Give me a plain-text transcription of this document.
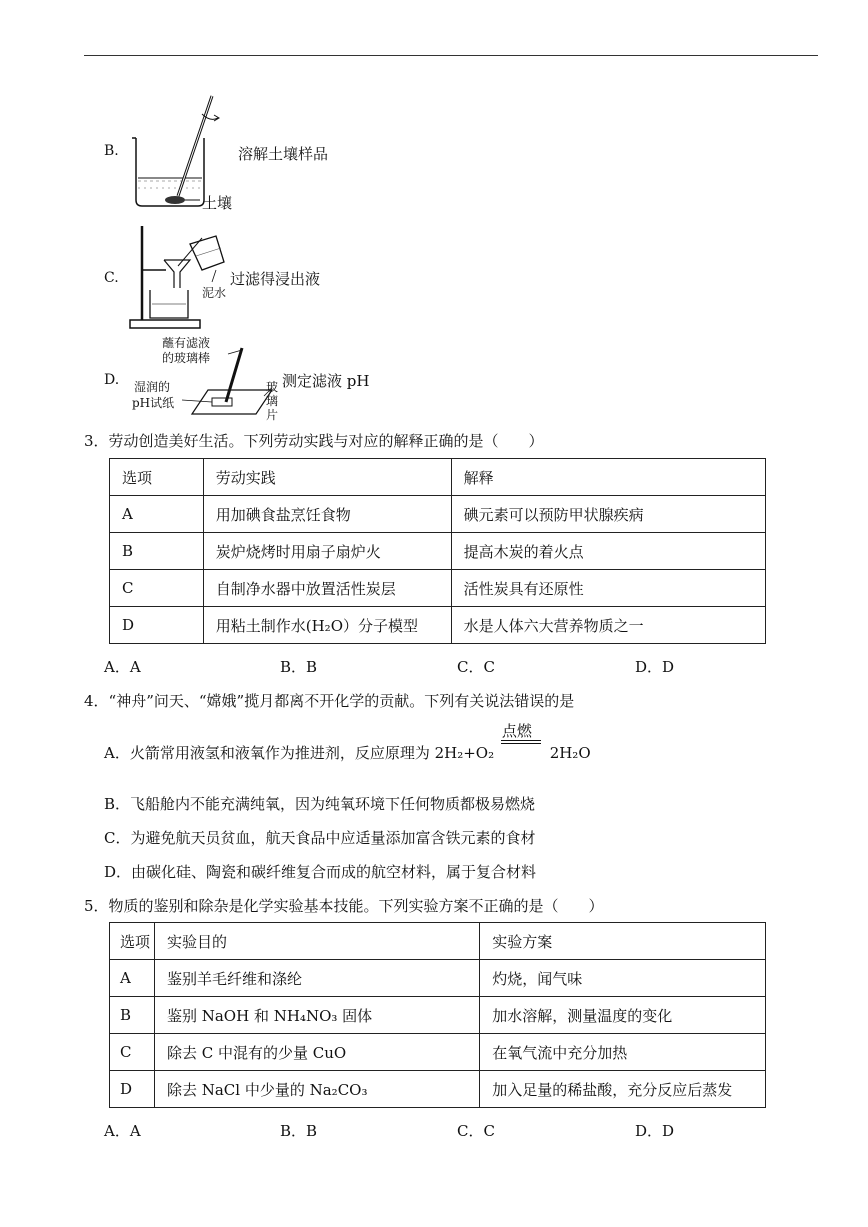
B.	溶解土壤样品
土壤
C.	过滤得浸出液
泥水
D.
蘸有滤液
的玻璃棒
湿润的
pH试纸
测定滤液 pH
玻
璃
片
3．劳动创造美好生活。下列劳动实践与对应的解释正确的是（　　）
选项	劳动实践	解释
A	用加碘食盐烹饪食物	碘元素可以预防甲状腺疾病
B	炭炉烧烤时用扇子扇炉火	提高木炭的着火点
C	自制净水器中放置活性炭层	活性炭具有还原性
D	用粘土制作水(H₂O）分子模型	水是人体六大营养物质之一
A．A	B．B	C．C	D．D
4．“神舟”问天、“嫦娥”揽月都离不开化学的贡献。下列有关说法错误的是
A．火箭常用液氢和液氧作为推进剂，反应原理为 2H₂+O₂
点燃
2H₂O
B．飞船舱内不能充满纯氧，因为纯氧环境下任何物质都极易燃烧
C．为避免航天员贫血，航天食品中应适量添加富含铁元素的食材
D．由碳化硅、陶瓷和碳纤维复合而成的航空材料，属于复合材料
5．物质的鉴别和除杂是化学实验基本技能。下列实验方案不正确的是（　　）
选项	实验目的	实验方案
A	鉴别羊毛纤维和涤纶	灼烧，闻气味
B	鉴别 NaOH 和 NH₄NO₃ 固体	加水溶解，测量温度的变化
C	除去 C 中混有的少量 CuO	在氧气流中充分加热
D	除去 NaCl 中少量的 Na₂CO₃	加入足量的稀盐酸，充分反应后蒸发
A．A	B．B	C．C	D．D
